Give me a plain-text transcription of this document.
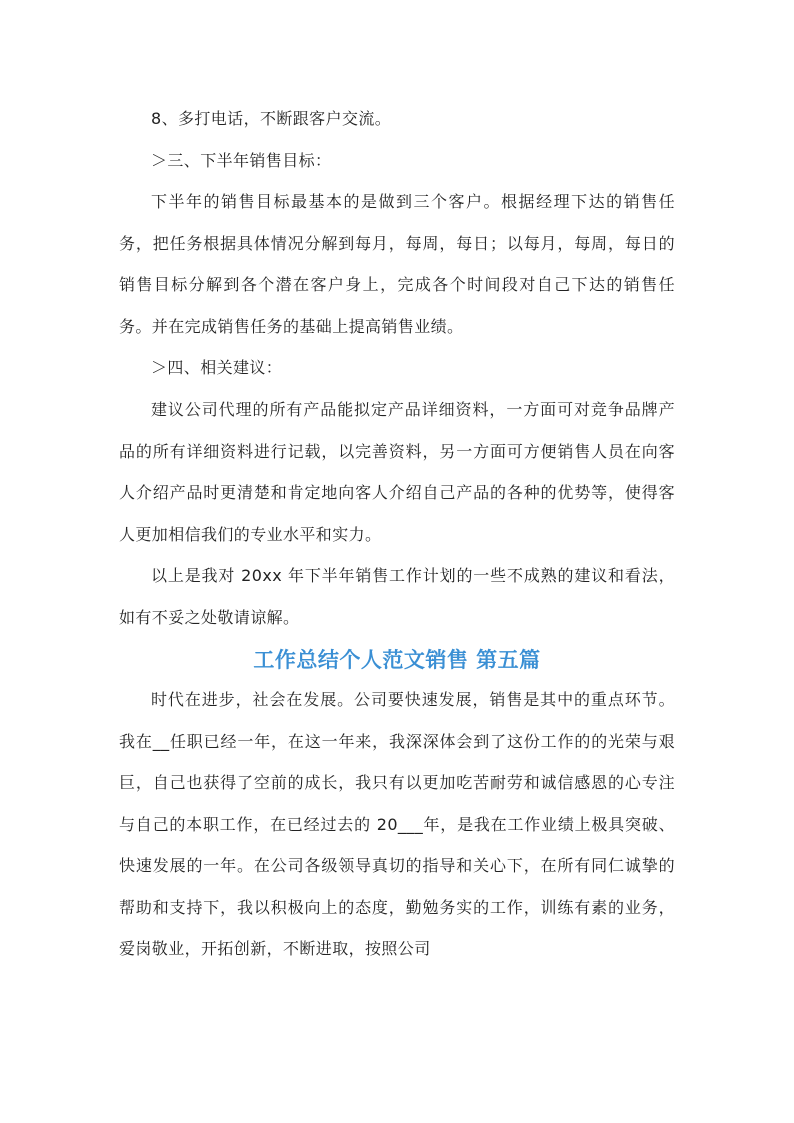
8、多打电话，不断跟客户交流。

＞三、下半年销售目标：

下半年的销售目标最基本的是做到三个客户。根据经理下达的销售任务，把任务根据具体情况分解到每月，每周，每日；以每月，每周，每日的销售目标分解到各个潜在客户身上，完成各个时间段对自己下达的销售任务。并在完成销售任务的基础上提高销售业绩。

＞四、相关建议：

建议公司代理的所有产品能拟定产品详细资料，一方面可对竞争品牌产品的所有详细资料进行记载，以完善资料，另一方面可方便销售人员在向客人介绍产品时更清楚和肯定地向客人介绍自己产品的各种的优势等，使得客人更加相信我们的专业水平和实力。

以上是我对 20xx 年下半年销售工作计划的一些不成熟的建议和看法，如有不妥之处敬请谅解。

工作总结个人范文销售 第五篇

时代在进步，社会在发展。公司要快速发展，销售是其中的重点环节。我在__任职已经一年，在这一年来，我深深体会到了这份工作的的光荣与艰巨，自己也获得了空前的成长，我只有以更加吃苦耐劳和诚信感恩的心专注与自己的本职工作，在已经过去的 20___年，是我在工作业绩上极具突破、快速发展的一年。在公司各级领导真切的指导和关心下，在所有同仁诚挚的帮助和支持下，我以积极向上的态度，勤勉务实的工作，训练有素的业务，爱岗敬业，开拓创新，不断进取，按照公司
